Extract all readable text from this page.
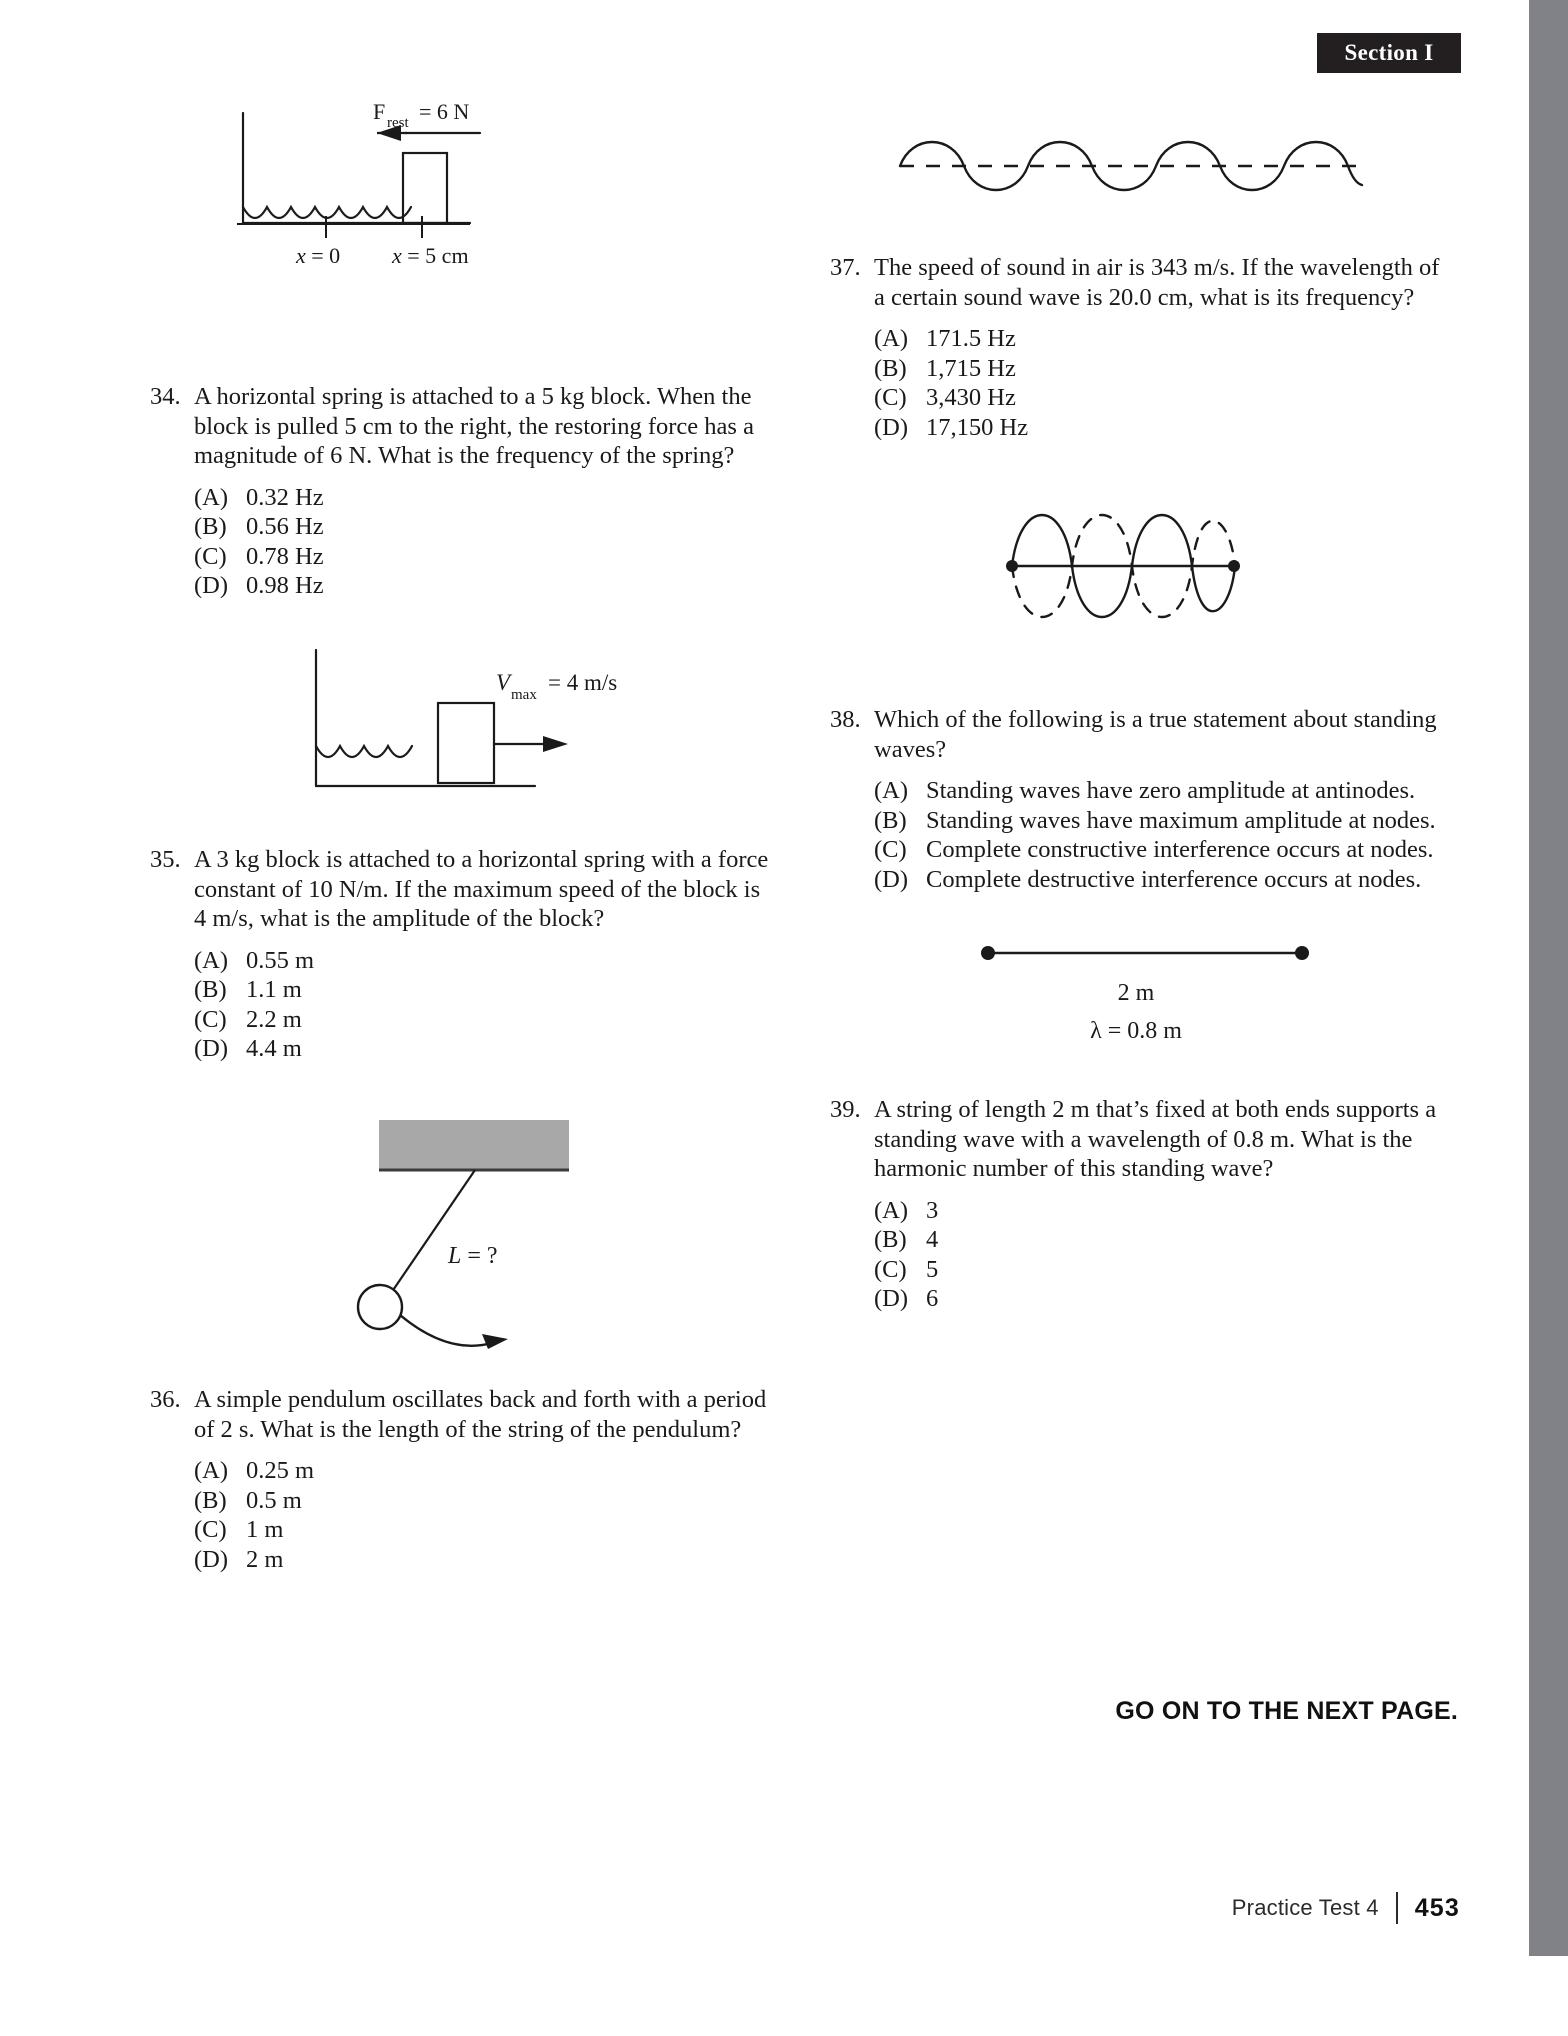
Section I
F rest = 6 N
x = 0 x = 5 cm
34. A horizontal spring is attached to a 5 kg block. When the block is pulled 5 cm to the right, the restoring force has a magnitude of 6 N. What is the frequency of the spring?
(A) 0.32 Hz
(B) 0.56 Hz
(C) 0.78 Hz
(D) 0.98 Hz
V max = 4 m/s
35. A 3 kg block is attached to a horizontal spring with a force constant of 10 N/m. If the maximum speed of the block is 4 m/s, what is the amplitude of the block?
(A) 0.55 m
(B) 1.1 m
(C) 2.2 m
(D) 4.4 m
L = ?
36. A simple pendulum oscillates back and forth with a period of 2 s. What is the length of the string of the pendulum?
(A) 0.25 m
(B) 0.5 m
(C) 1 m
(D) 2 m
37. The speed of sound in air is 343 m/s. If the wavelength of a certain sound wave is 20.0 cm, what is its frequency?
(A) 171.5 Hz
(B) 1,715 Hz
(C) 3,430 Hz
(D) 17,150 Hz
38. Which of the following is a true statement about standing waves?
(A) Standing waves have zero amplitude at antinodes.
(B) Standing waves have maximum amplitude at nodes.
(C) Complete constructive interference occurs at nodes.
(D) Complete destructive interference occurs at nodes.
2 m
λ = 0.8 m
39. A string of length 2 m that’s fixed at both ends supports a standing wave with a wavelength of 0.8 m. What is the harmonic number of this standing wave?
(A) 3
(B) 4
(C) 5
(D) 6
GO ON TO THE NEXT PAGE.
Practice Test 4 453
